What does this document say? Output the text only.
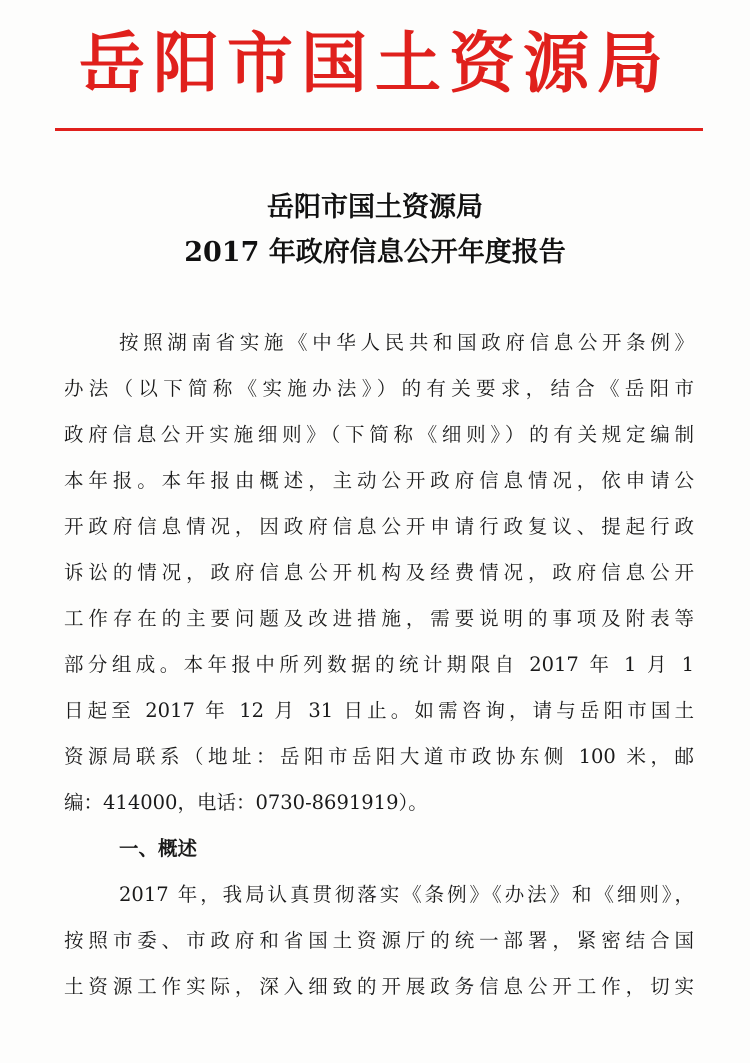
岳阳市国土资源局
岳阳市国土资源局
2017 年政府信息公开年度报告
按照湖南省实施《中华人民共和国政府信息公开条例》
办法（以下简称《实施办法》）的有关要求，结合《岳阳市
政府信息公开实施细则》（下简称《细则》）的有关规定编制
本年报。本年报由概述，主动公开政府信息情况，依申请公
开政府信息情况，因政府信息公开申请行政复议、提起行政
诉讼的情况，政府信息公开机构及经费情况，政府信息公开
工作存在的主要问题及改进措施，需要说明的事项及附表等
部分组成。本年报中所列数据的统计期限自 2017 年 1 月 1
日起至 2017 年 12 月 31 日止。如需咨询，请与岳阳市国土
资源局联系（地址：岳阳市岳阳大道市政协东侧 100 米，邮
编：414000，电话：0730-8691919）。
一、概述
2017 年，我局认真贯彻落实《条例》《办法》和《细则》，
按照市委、市政府和省国土资源厅的统一部署，紧密结合国
土资源工作实际，深入细致的开展政务信息公开工作，切实
